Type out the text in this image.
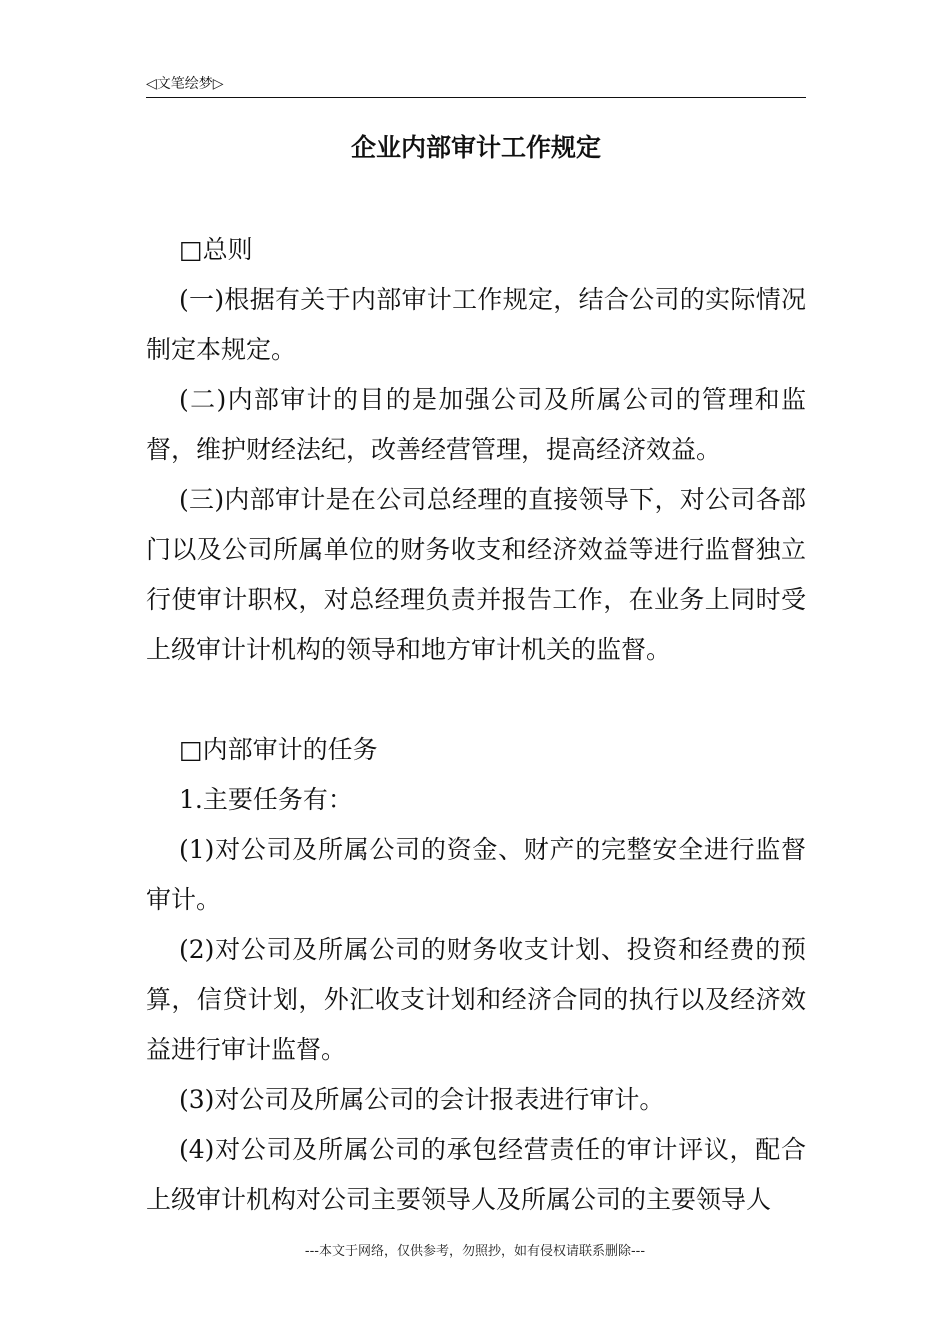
◁文笔绘梦▷
企业内部审计工作规定

□总则

(一)根据有关于内部审计工作规定，结合公司的实际情况制定本规定。

(二)内部审计的目的是加强公司及所属公司的管理和监督，维护财经法纪，改善经营管理，提高经济效益。

(三)内部审计是在公司总经理的直接领导下，对公司各部门以及公司所属单位的财务收支和经济效益等进行监督独立行使审计职权，对总经理负责并报告工作，在业务上同时受上级审计计机构的领导和地方审计机关的监督。

□内部审计的任务

1.主要任务有：

(1)对公司及所属公司的资金、财产的完整安全进行监督审计。

(2)对公司及所属公司的财务收支计划、投资和经费的预算，信贷计划，外汇收支计划和经济合同的执行以及经济效益进行审计监督。

(3)对公司及所属公司的会计报表进行审计。

(4)对公司及所属公司的承包经营责任的审计评议，配合上级审计机构对公司主要领导人及所属公司的主要领导人

---本文于网络，仅供参考，勿照抄，如有侵权请联系删除---
